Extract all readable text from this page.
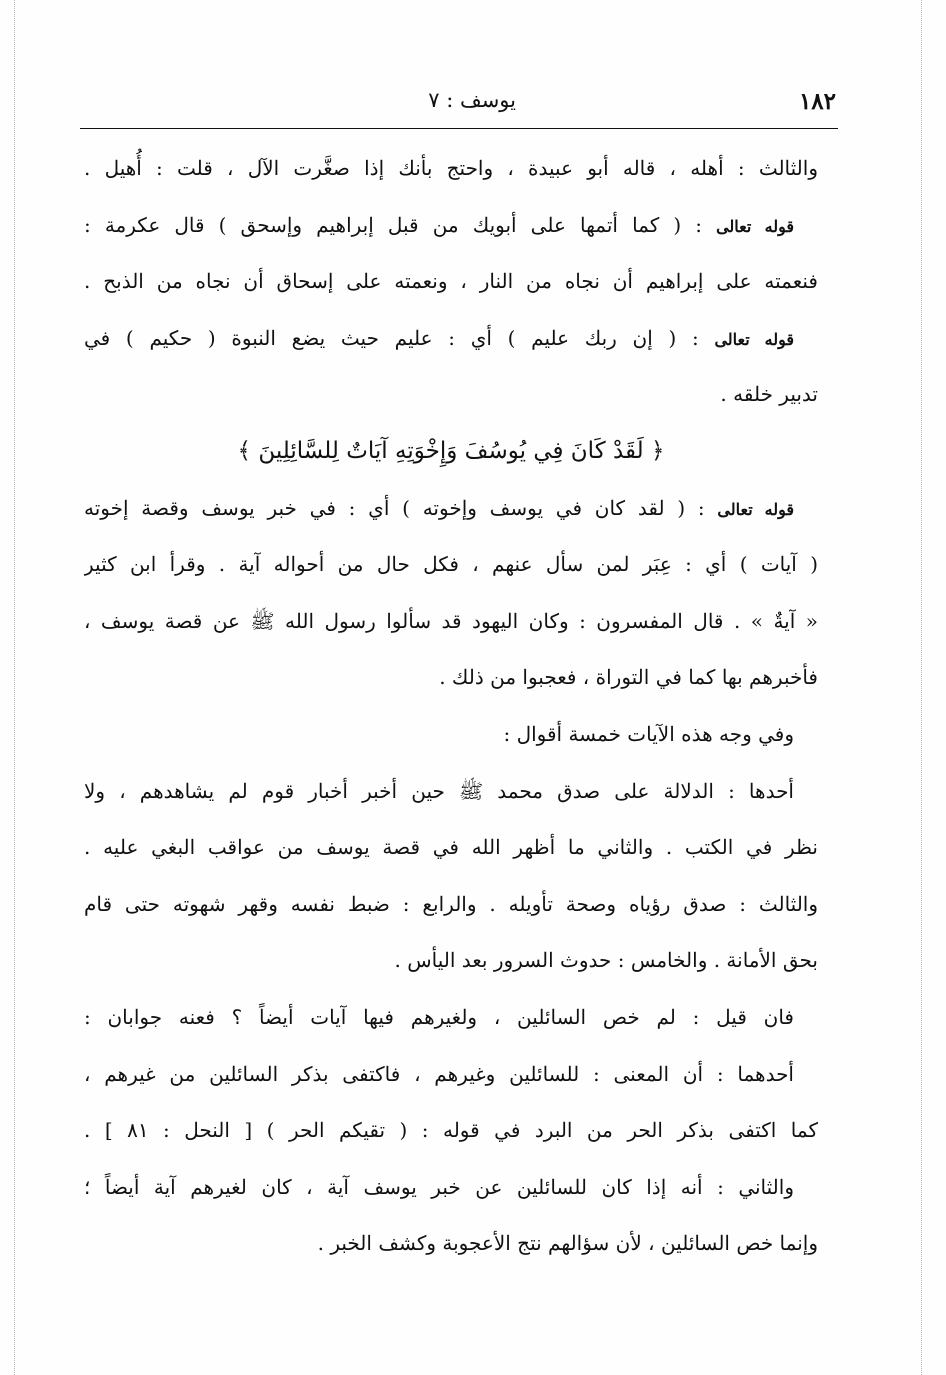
١٨٢
يوسف : ٧
والثالث : أهله ، قاله أبو عبيدة ، واحتج بأنك إذا صغَّرت الآل ، قلت : أُهيل .
قوله تعالى : ( كما أتمها على أبويك من قبل إبراهيم وإسحق ) قال عكرمة :
فنعمته على إبراهيم أن نجاه من النار ، ونعمته على إسحاق أن نجاه من الذبح .
قوله تعالى : ( إن ربك عليم ) أي : عليم حيث يضع النبوة ( حكيم ) في
تدبير خلقه .
﴿ لَقَدْ كَانَ فِي يُوسُفَ وَإِخْوَتِهِ آيَاتٌ لِلسَّائِلِينَ ﴾
قوله تعالى : ( لقد كان في يوسف وإخوته ) أي : في خبر يوسف وقصة إخوته
( آيات ) أي : عِبَر لمن سأل عنهم ، فكل حال من أحواله آية . وقرأ ابن كثير
« آيةٌ » . قال المفسرون : وكان اليهود قد سألوا رسول الله ﷺ عن قصة يوسف ،
فأخبرهم بها كما في التوراة ، فعجبوا من ذلك .
وفي وجه هذه الآيات خمسة أقوال :
أحدها : الدلالة على صدق محمد ﷺ حين أخبر أخبار قوم لم يشاهدهم ، ولا
نظر في الكتب . والثاني ما أظهر الله في قصة يوسف من عواقب البغي عليه .
والثالث : صدق رؤياه وصحة تأويله . والرابع : ضبط نفسه وقهر شهوته حتى قام
بحق الأمانة . والخامس : حدوث السرور بعد اليأس .
فان قيل : لم خص السائلين ، ولغيرهم فيها آيات أيضاً ؟ فعنه جوابان :
أحدهما : أن المعنى : للسائلين وغيرهم ، فاكتفى بذكر السائلين من غيرهم ،
كما اكتفى بذكر الحر من البرد في قوله : ( تقيكم الحر ) [ النحل : ٨١ ] .
والثاني : أنه إذا كان للسائلين عن خبر يوسف آية ، كان لغيرهم آية أيضاً ؛
وإنما خص السائلين ، لأن سؤالهم نتج الأعجوبة وكشف الخبر .
